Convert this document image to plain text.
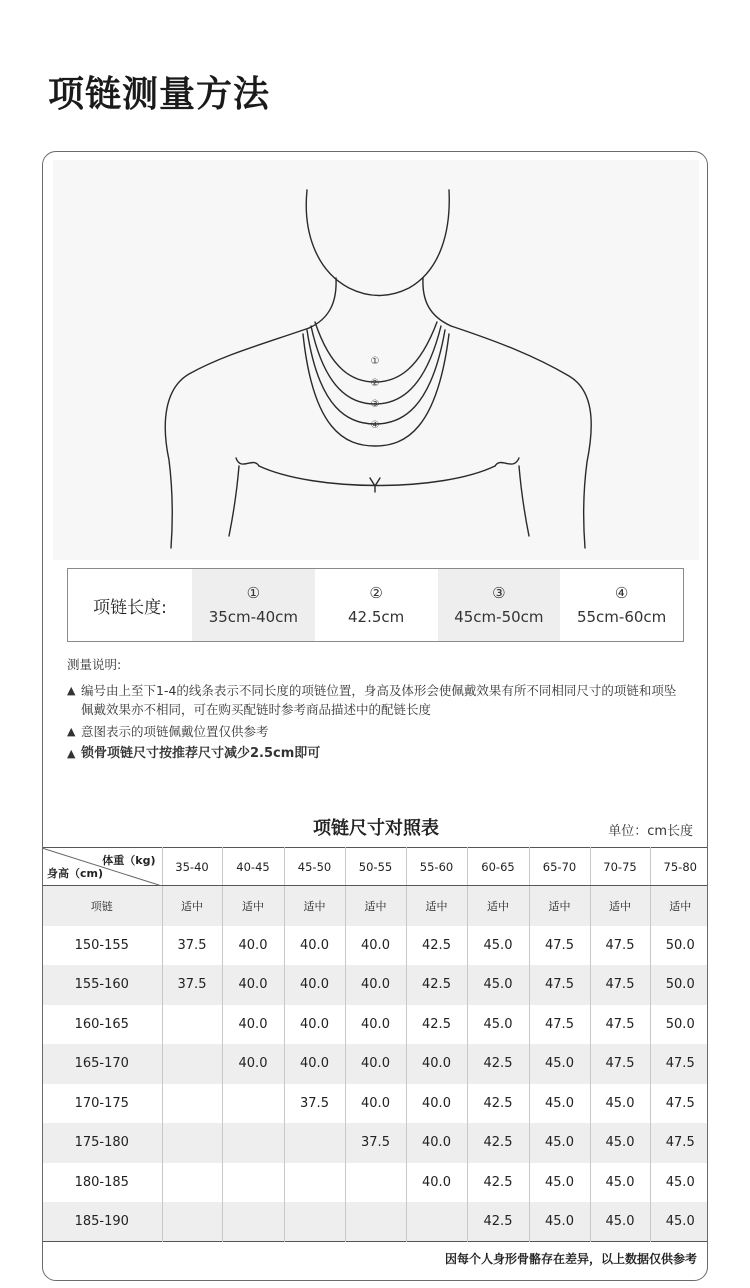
项链测量方法
①
②
③
④
项链长度:
①
35cm-40cm
②
42.5cm
③
45cm-50cm
④
55cm-60cm
测量说明:
▲ 编号由上至下1-4的线条表示不同长度的项链位置，身高及体形会使佩戴效果有所不同相同尺寸的项链和项坠佩戴效果亦不相同，可在购买配链时参考商品描述中的配链长度
▲ 意图表示的项链佩戴位置仅供参考
▲ 锁骨项链尺寸按推荐尺寸减少2.5cm即可
项链尺寸对照表	单位：cm长度
体重（kg)
身高（cm)	35-40	40-45	45-50	50-55	55-60	60-65	65-70	70-75	75-80
项链	适中	适中	适中	适中	适中	适中	适中	适中	适中
150-155	37.5	40.0	40.0	40.0	42.5	45.0	47.5	47.5	50.0
155-160	37.5	40.0	40.0	40.0	42.5	45.0	47.5	47.5	50.0
160-165		40.0	40.0	40.0	42.5	45.0	47.5	47.5	50.0
165-170		40.0	40.0	40.0	40.0	42.5	45.0	47.5	47.5
170-175			37.5	40.0	40.0	42.5	45.0	45.0	47.5
175-180				37.5	40.0	42.5	45.0	45.0	47.5
180-185					40.0	42.5	45.0	45.0	45.0
185-190						42.5	45.0	45.0	45.0
因每个人身形骨骼存在差异，以上数据仅供参考
